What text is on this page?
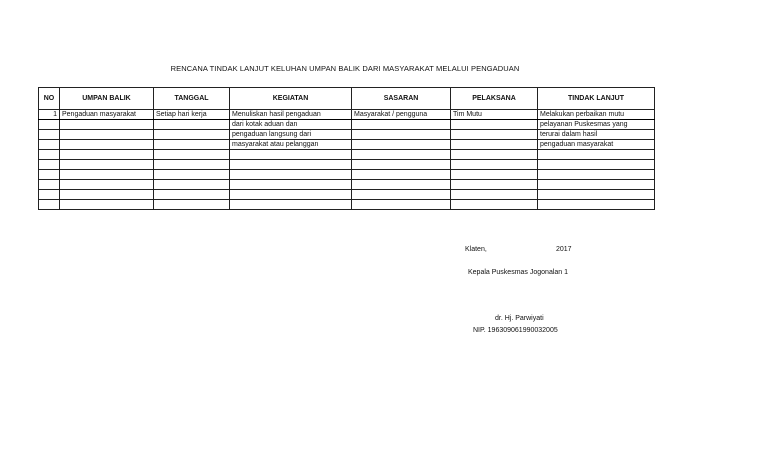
RENCANA TINDAK LANJUT KELUHAN UMPAN BALIK DARI MASYARAKAT MELALUI PENGADUAN
NO	UMPAN BALIK	TANGGAL	KEGIATAN	SASARAN	PELAKSANA	TINDAK LANJUT
1	Pengaduan masyarakat	Setiap hari kerja	Menuliskan hasil pengaduan	Masyarakat / pengguna	Tim Mutu	Melakukan perbaikan mutu
			dari kotak aduan dan			pelayanan Puskesmas yang
			pengaduan langsung dari			terurai dalam hasil
			masyarakat atau pelanggan			pengaduan masyarakat

Klaten,	2017
Kepala Puskesmas Jogonalan 1
dr. Hj. Parwiyati
NIP. 196309061990032005
